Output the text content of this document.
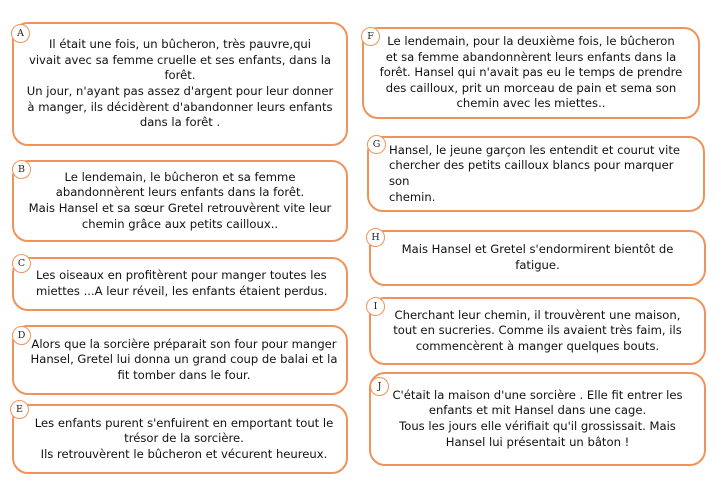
Il était une fois, un bûcheron, très pauvre,qui
vivait avec sa femme cruelle et ses enfants, dans la
forêt.
Un jour, n'ayant pas assez d'argent pour leur donner
à manger, ils décidèrent d'abandonner leurs enfants
dans la forêt .
A
Le lendemain, le bûcheron et sa femme
abandonnèrent leurs enfants dans la forêt.
Mais Hansel et sa sœur Gretel retrouvèrent vite leur
chemin grâce aux petits cailloux..
B
Les oiseaux en profitèrent pour manger toutes les
miettes ...A leur réveil, les enfants étaient perdus.
C
Alors que la sorcière préparait son four pour manger
Hansel, Gretel lui donna un grand coup de balai et la
fit tomber dans le four.
D
Les enfants purent s'enfuirent en emportant tout le
trésor de la sorcière.
Ils retrouvèrent le bûcheron et vécurent heureux.
E
Le lendemain, pour la deuxième fois, le bûcheron
et sa femme abandonnèrent leurs enfants dans la
forêt. Hansel qui n'avait pas eu le temps de prendre
des cailloux, prit un morceau de pain et sema son
chemin avec les miettes..
F
Hansel, le jeune garçon les entendit et courut vite
chercher des petits cailloux blancs pour marquer son
chemin.
G
Mais Hansel et Gretel s'endormirent bientôt de
fatigue.
H
Cherchant leur chemin, il trouvèrent une maison,
tout en sucreries. Comme ils avaient très faim, ils
commencèrent à manger quelques bouts.
I
C'était la maison d'une sorcière . Elle fit entrer les
enfants et mit Hansel dans une cage.
Tous les jours elle vérifiait qu'il grossissait. Mais
Hansel lui présentait un bâton !
J
